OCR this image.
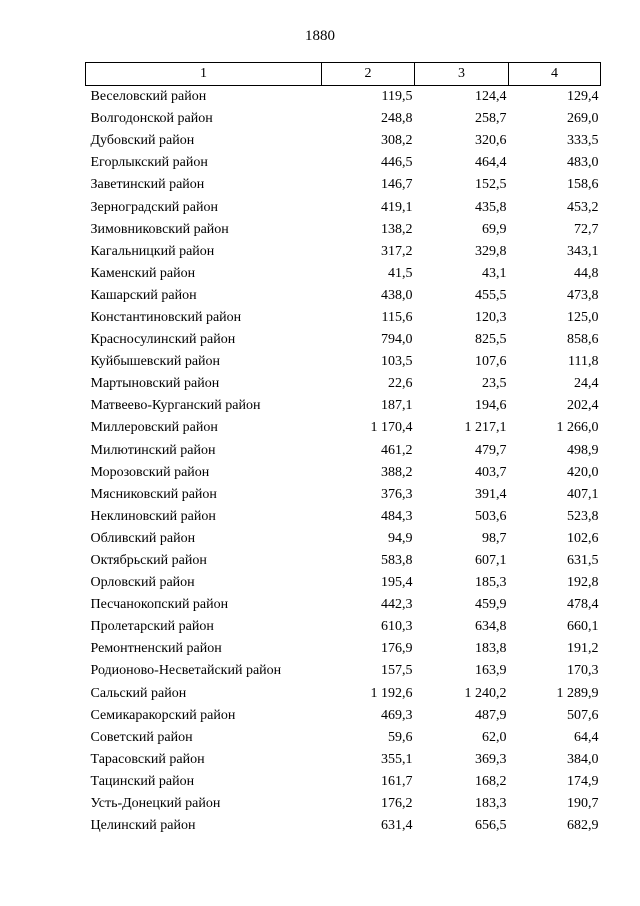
1880
1	2	3	4
Веселовский район	119,5	124,4	129,4
Волгодонской район	248,8	258,7	269,0
Дубовский район	308,2	320,6	333,5
Егорлыкский район	446,5	464,4	483,0
Заветинский район	146,7	152,5	158,6
Зерноградский район	419,1	435,8	453,2
Зимовниковский район	138,2	69,9	72,7
Кагальницкий район	317,2	329,8	343,1
Каменский район	41,5	43,1	44,8
Кашарский район	438,0	455,5	473,8
Константиновский район	115,6	120,3	125,0
Красносулинский район	794,0	825,5	858,6
Куйбышевский район	103,5	107,6	111,8
Мартыновский район	22,6	23,5	24,4
Матвеево-Курганский район	187,1	194,6	202,4
Миллеровский район	1 170,4	1 217,1	1 266,0
Милютинский район	461,2	479,7	498,9
Морозовский район	388,2	403,7	420,0
Мясниковский район	376,3	391,4	407,1
Неклиновский район	484,3	503,6	523,8
Обливский район	94,9	98,7	102,6
Октябрьский район	583,8	607,1	631,5
Орловский район	195,4	185,3	192,8
Песчанокопский район	442,3	459,9	478,4
Пролетарский район	610,3	634,8	660,1
Ремонтненский район	176,9	183,8	191,2
Родионово-Несветайский район	157,5	163,9	170,3
Сальский район	1 192,6	1 240,2	1 289,9
Семикаракорский район	469,3	487,9	507,6
Советский район	59,6	62,0	64,4
Тарасовский район	355,1	369,3	384,0
Тацинский район	161,7	168,2	174,9
Усть-Донецкий район	176,2	183,3	190,7
Целинский район	631,4	656,5	682,9
